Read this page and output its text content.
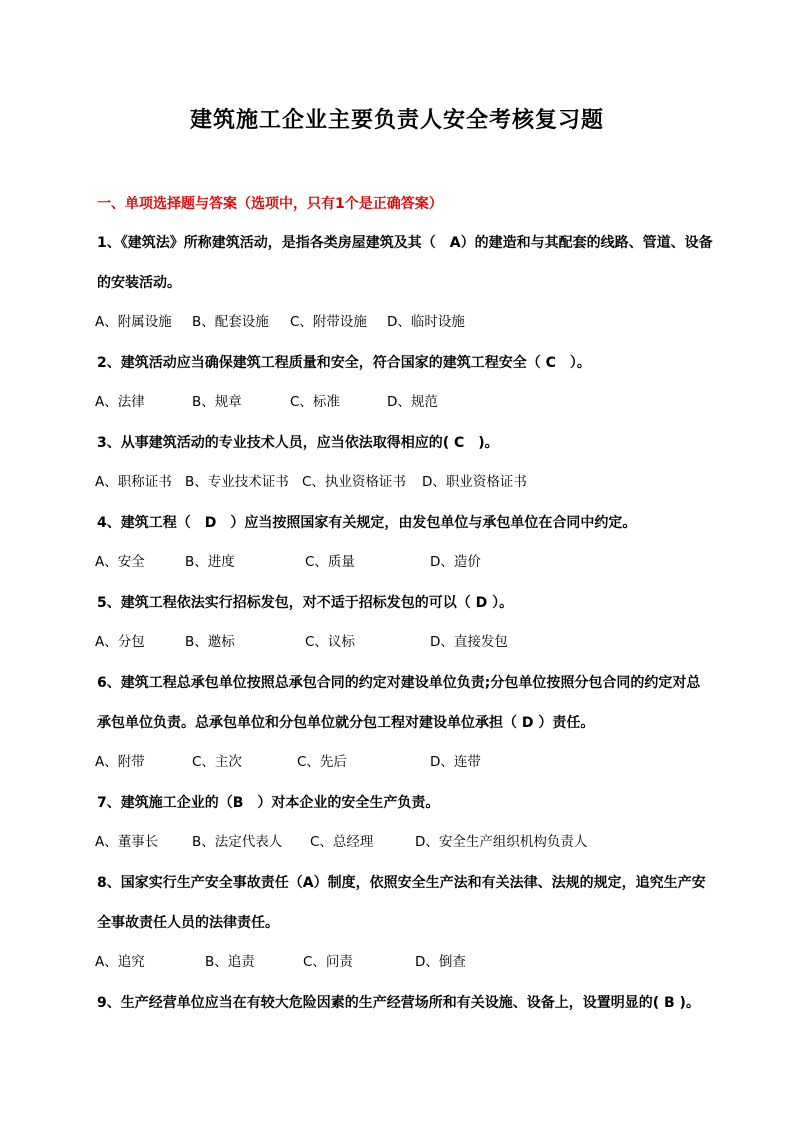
建筑施工企业主要负责人安全考核复习题
一、单项选择题与答案（选项中，只有1个是正确答案）
1、《建筑法》所称建筑活动，是指各类房屋建筑及其（　A）的建造和与其配套的线路、管道、设备
的安装活动。
A、附属设施 B、配套设施 C、附带设施 D、临时设施
2、建筑活动应当确保建筑工程质量和安全，符合国家的建筑工程安全（ C　）。
A、法律	B、规章	C、标准	D、规范
3、从事建筑活动的专业技术人员，应当依法取得相应的( C　)。
A、职称证书 B、专业技术证书 C、执业资格证书 D、职业资格证书
4、建筑工程（　D　）应当按照国家有关规定，由发包单位与承包单位在合同中约定。
A、安全	B、进度	C、质量	D、造价
5、建筑工程依法实行招标发包，对不适于招标发包的可以（ D ）。
A、分包	B、邀标	C、议标	D、直接发包
6、建筑工程总承包单位按照总承包合同的约定对建设单位负责;分包单位按照分包合同的约定对总
承包单位负责。总承包单位和分包单位就分包工程对建设单位承担（ D ）责任。
A、附带	C、主次	C、先后	D、连带
7、建筑施工企业的（B　）对本企业的安全生产负责。
A、董事长	B、法定代表人 C、总经理	D、安全生产组织机构负责人
8、国家实行生产安全事故责任（A）制度，依照安全生产法和有关法律、法规的规定，追究生产安
全事故责任人员的法律责任。
A、追究	B、追责	C、问责	D、倒查
9、生产经营单位应当在有较大危险因素的生产经营场所和有关设施、设备上，设置明显的( B )。
